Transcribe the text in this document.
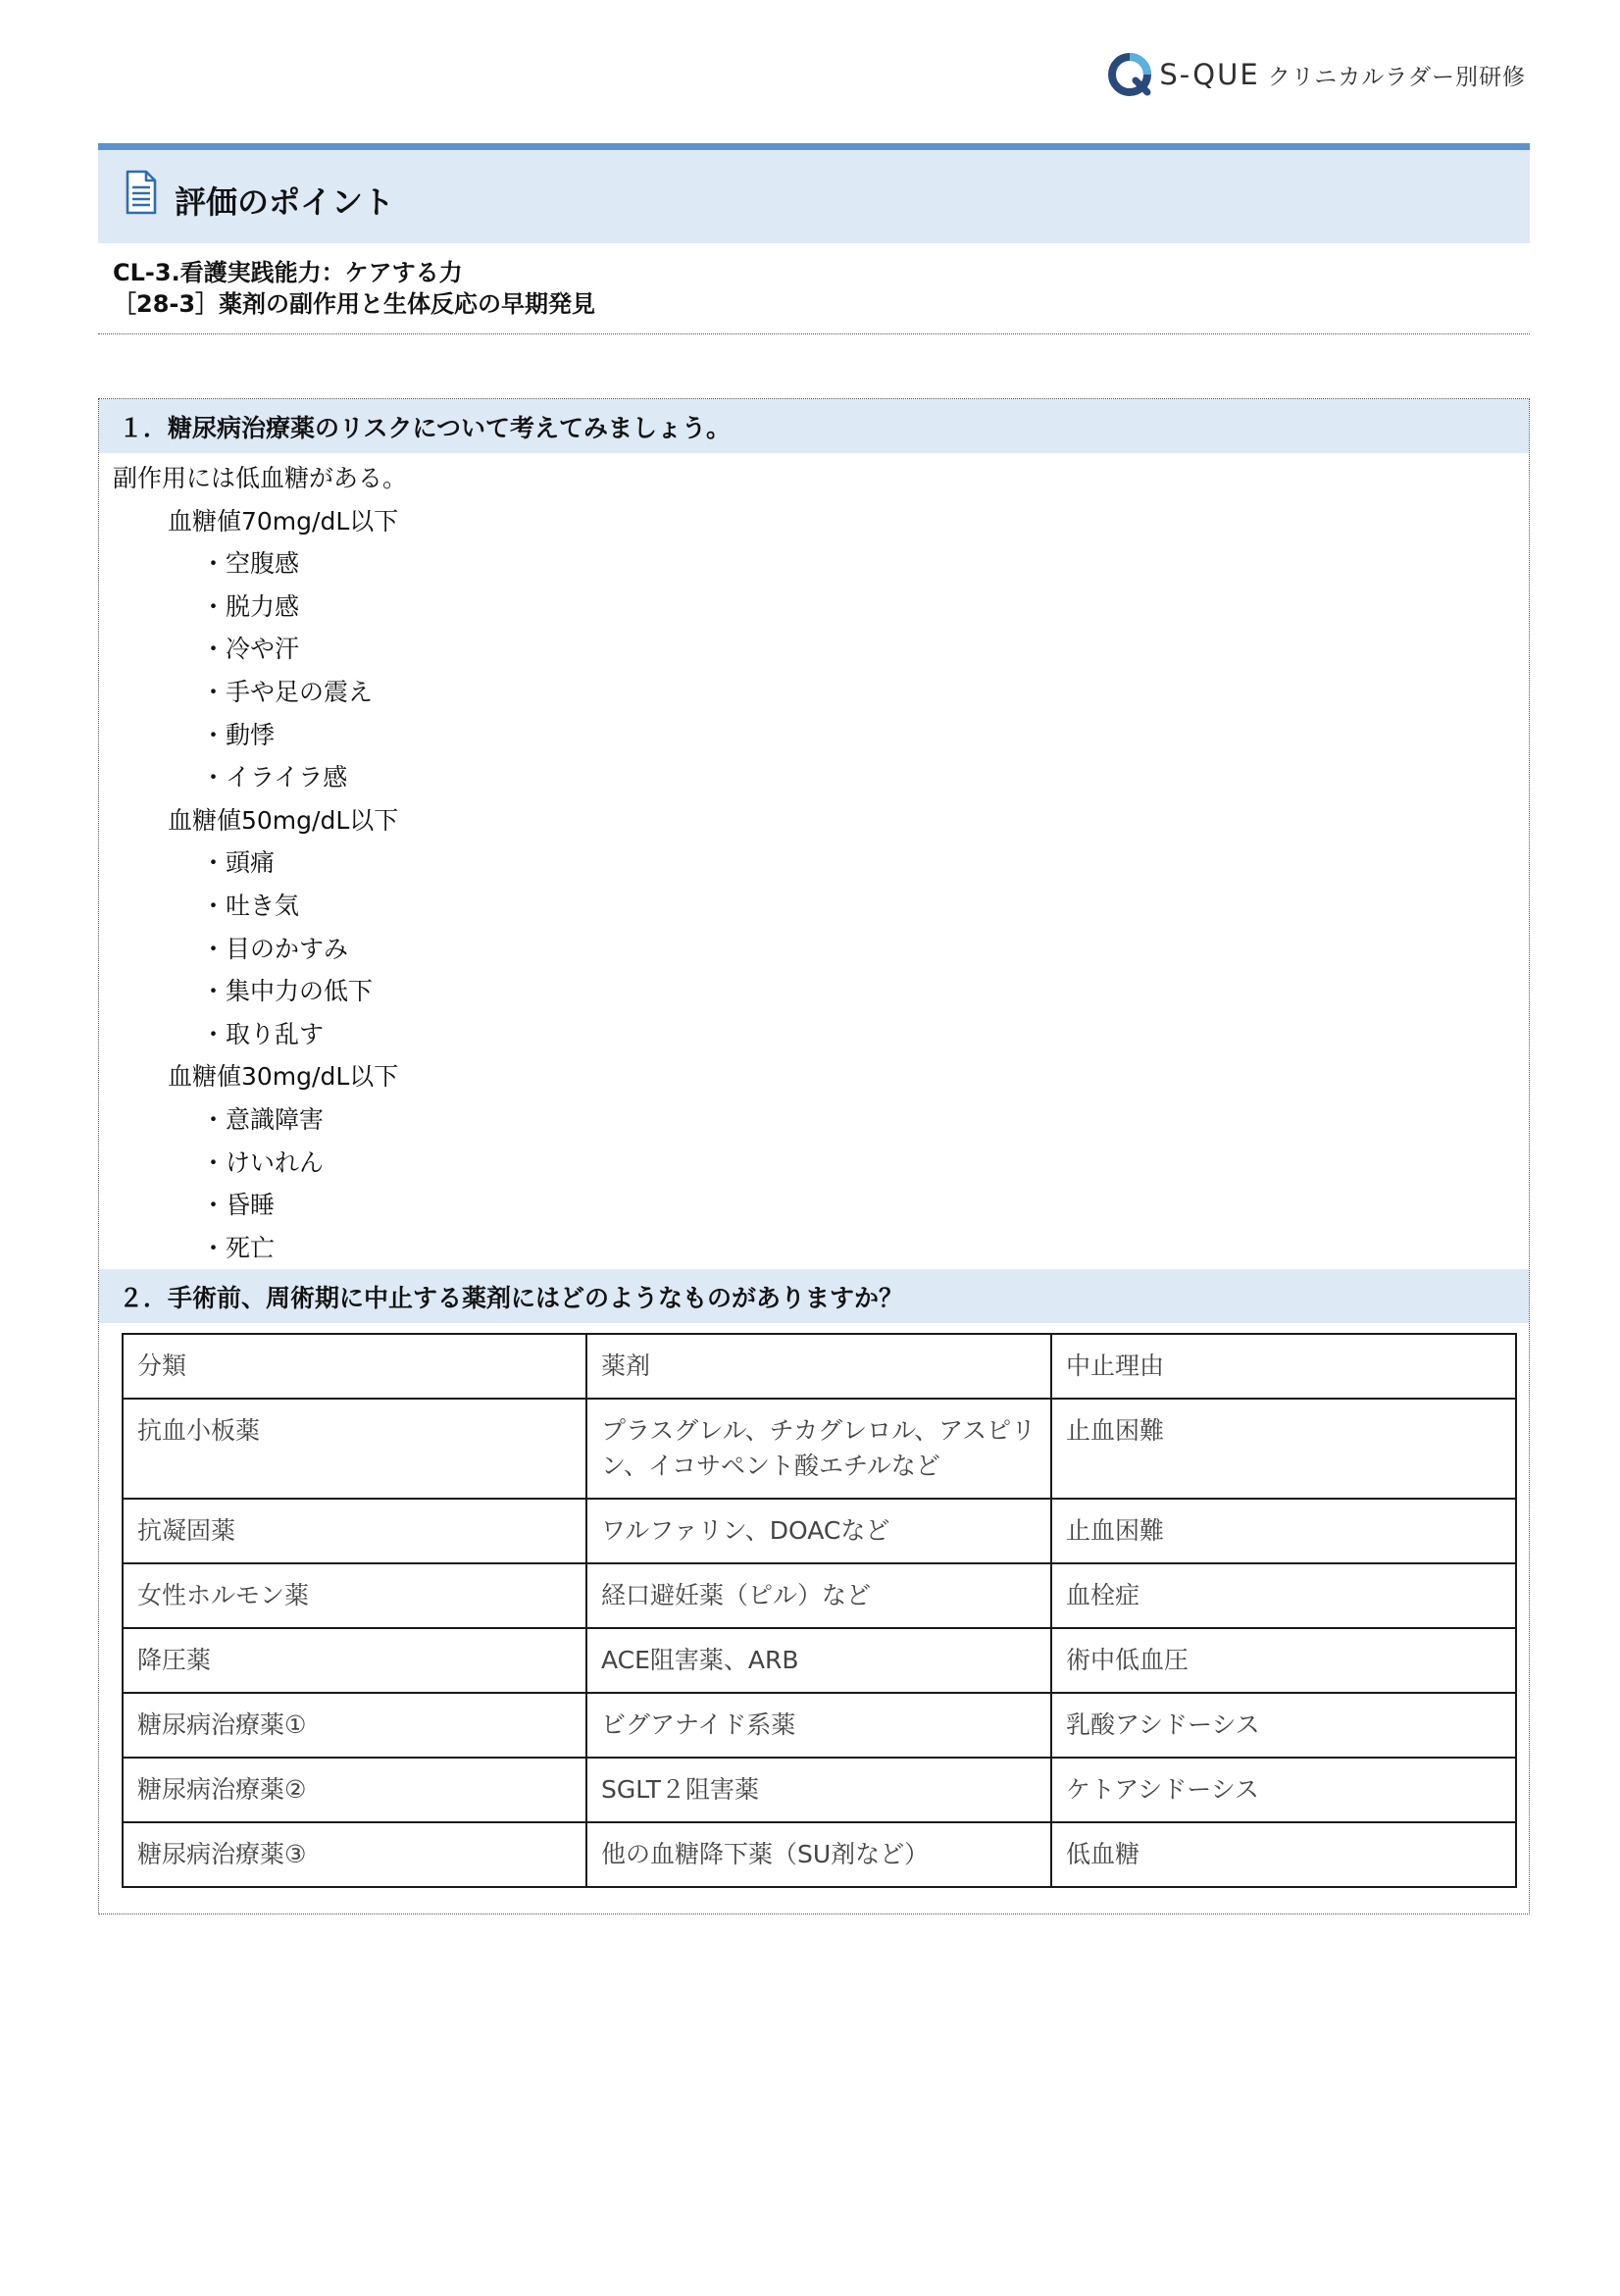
S-QUE クリニカルラダー別研修
評価のポイント
CL-3.看護実践能力：ケアする力
［28-3］薬剤の副作用と生体反応の早期発見
１．糖尿病治療薬のリスクについて考えてみましょう。
副作用には低血糖がある。
血糖値70mg/dL以下
・空腹感
・脱力感
・冷や汗
・手や足の震え
・動悸
・イライラ感
血糖値50mg/dL以下
・頭痛
・吐き気
・目のかすみ
・集中力の低下
・取り乱す
血糖値30mg/dL以下
・意識障害
・けいれん
・昏睡
・死亡
２．手術前、周術期に中止する薬剤にはどのようなものがありますか？
分類	薬剤	中止理由
抗血小板薬	プラスグレル、チカグレロル、アスピリン、イコサペント酸エチルなど	止血困難
抗凝固薬	ワルファリン、DOACなど	止血困難
女性ホルモン薬	経口避妊薬（ピル）など	血栓症
降圧薬	ACE阻害薬、ARB	術中低血圧
糖尿病治療薬①	ビグアナイド系薬	乳酸アシドーシス
糖尿病治療薬②	SGLT２阻害薬	ケトアシドーシス
糖尿病治療薬③	他の血糖降下薬（SU剤など）	低血糖
